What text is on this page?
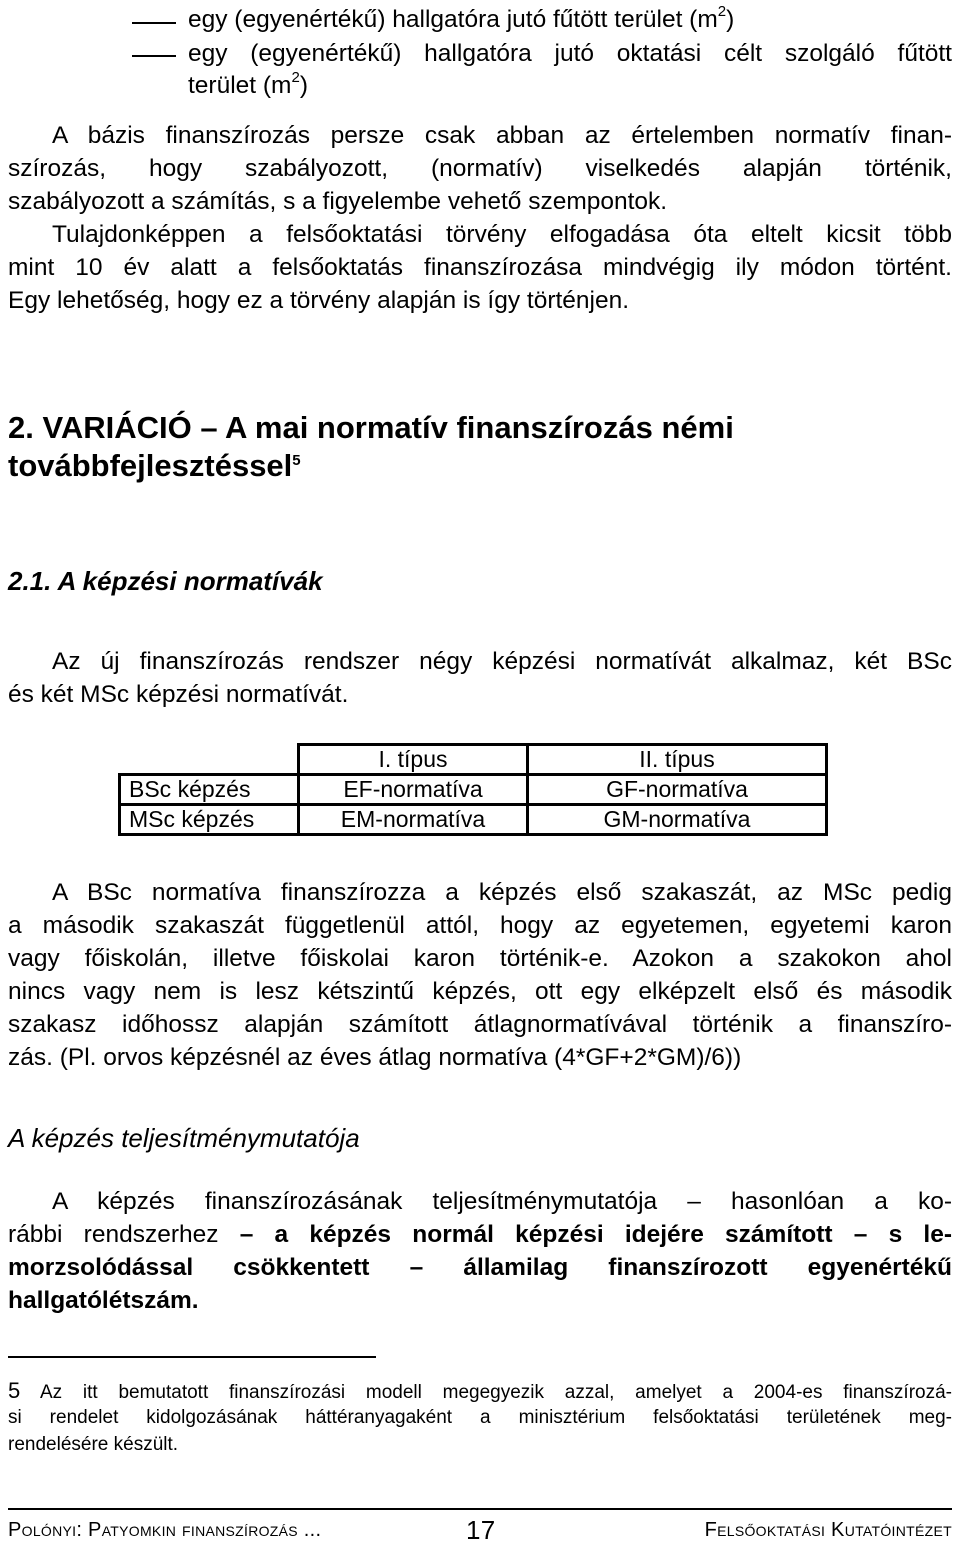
egy (egyenértékű) hallgatóra jutó fűtött terület $(m^2)$
egy (egyenértékű) hallgatóra jutó oktatási célt szolgáló fűtött
terület $(m^2)$
A bázis finanszírozás persze csak abban az értelemben normatív finan-
szírozás, hogy szabályozott, (normatív) viselkedés alapján történik,
szabályozott a számítás, s a figyelembe vehető szempontok.
Tulajdonképpen a felsőoktatási törvény elfogadása óta eltelt kicsit több
mint 10 év alatt a felsőoktatás finanszírozása mindvégig ily módon történt.
Egy lehetőség, hogy ez a törvény alapján is így történjen.
2. VARIÁCIÓ – A mai normatív finanszírozás némi
továbbfejlesztéssel$^5$
2.1. A képzési normatívák
Az új finanszírozás rendszer négy képzési normatívát alkalmaz, két BSc
és két MSc képzési normatívát.
	I. típus	II. típus
BSc képzés	EF-normatíva	GF-normatíva
MSc képzés	EM-normatíva	GM-normatíva
A BSc normatíva finanszírozza a képzés első szakaszát, az MSc pedig
a második szakaszát függetlenül attól, hogy az egyetemen, egyetemi karon
vagy főiskolán, illetve főiskolai karon történik-e. Azokon a szakokon ahol
nincs vagy nem is lesz kétszintű képzés, ott egy elképzelt első és második
szakasz időhossz alapján számított átlagnormatívával történik a finanszíro-
zás. (Pl. orvos képzésnél az éves átlag normatíva (4*GF+2*GM)/6))
A képzés teljesítménymutatója
A képzés finanszírozásának teljesítménymutatója – hasonlóan a ko-
rábbi rendszerhez – a képzés normál képzési idejére számított – s le-
morzsolódással csökkentett – államilag finanszírozott egyenértékű
hallgatólétszám.
5 Az itt bemutatott finanszírozási modell megegyezik azzal, amelyet a 2004-es finanszírozá-
si rendelet kidolgozásának háttéranyagaként a minisztérium felsőoktatási területének meg-
rendelésére készült.
Polónyi: Patyomkin finanszírozás ...	17	Felsőoktatási Kutatóintézet
